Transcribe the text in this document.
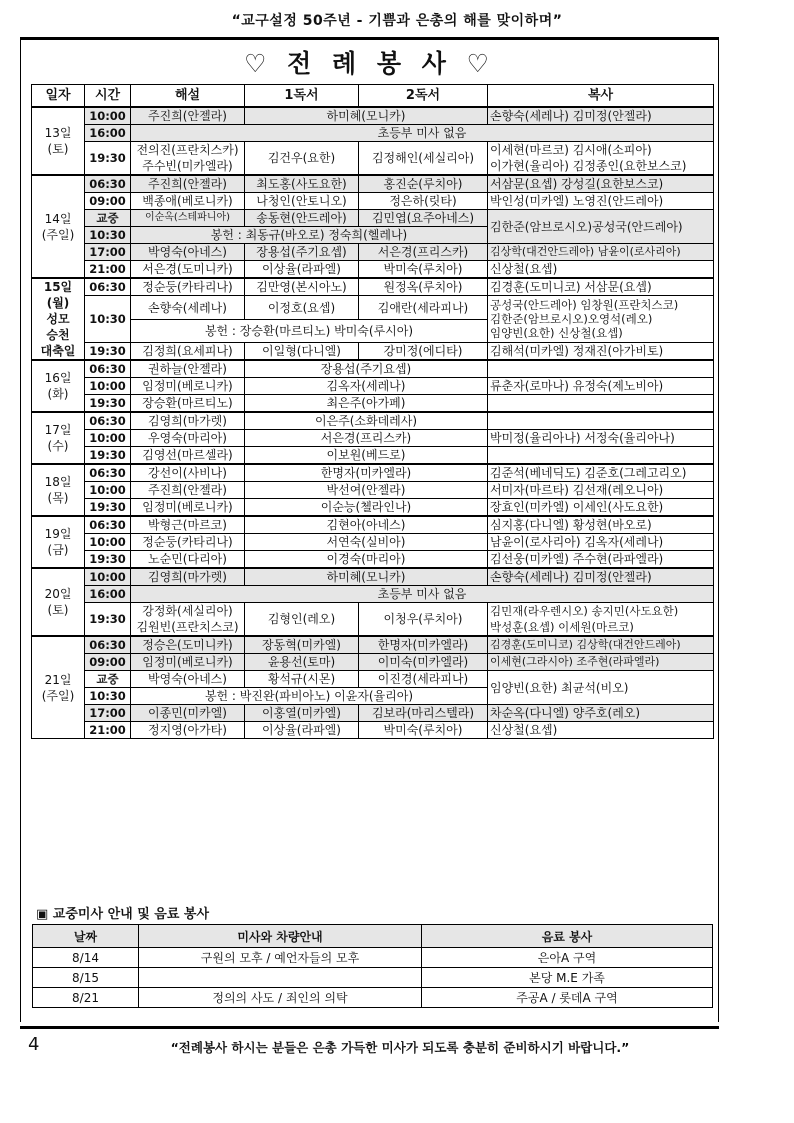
“교구설정 50주년 - 기쁨과 은총의 해를 맞이하며”
♡ 전 례 봉 사 ♡
일자	시간	해설	1독서	2독서	복사
13일
(토)	10:00	주진희(안젤라)	하미혜(모니카)		손향숙(세레나) 김미정(안젤라)
	16:00	초등부 미사 없음			
	19:30	전의진(프란치스카)
주수빈(미카엘라)	김건우(요한)	김정해인(세실리아)	이세현(마르코) 김시애(소피아)
이가현(율리아) 김정종인(요한보스코)
14일
(주일)	06:30	주진희(안젤라)	최도홍(사도요한)	홍진순(루치아)	서삼문(요셉) 강성길(요한보스코)
	09:00	백종애(베로니카)	나청인(안토니오)	정은하(릿타)	박인성(미카엘) 노영진(안드레아)
	교중	이순옥(스테파니아)	송동현(안드레아)	김민엽(요주아네스)	김한준(암브로시오)공성국(안드레아)
	10:30	봉헌 : 최동규(바오로) 정숙희(헬레나)			
	17:00	박영숙(아네스)	장용섭(주기요셉)	서은경(프리스카)	김상학(대건안드레아) 남윤이(로사리아)
	21:00	서은경(도미니카)	이상율(라파엘)	박미숙(루치아)	신상철(요셉)
15일
(월)
성모
승천
대축일	06:30	정순둥(카타리나)	김만영(본시아노)	원정옥(루치아)	김경훈(도미니코) 서삼문(요셉)
	10:30	손향숙(세레나)	이정호(요셉)	김애란(세라피나)	공성국(안드레아) 임창원(프란치스코)
김한준(암브로시오)오영석(레오)
임양빈(요한) 신상철(요셉)
		봉헌 : 장승환(마르티노) 박미숙(루시아)			
	19:30	김정희(요세피나)	이일형(다니엘)	강미정(에디타)	김해석(미카엘) 정재진(아가비토)
16일
(화)	06:30	권하늘(안젤라)	장용섭(주기요셉)		
	10:00	임정미(베로니카)	김옥자(세레나)		류춘자(로마나) 유정숙(제노비아)
	19:30	장승환(마르티노)	최은주(아가페)		
17일
(수)	06:30	김영희(마가렛)	이은주(소화데레사)		
	10:00	우영숙(마리아)	서은경(프리스카)		박미정(율리아나) 서정숙(율리아나)
	19:30	김영선(마르셀라)	이보원(베드로)		
18일
(목)	06:30	강선이(사비나)	한명자(미카엘라)		김준석(베네딕도) 김준호(그레고리오)
	10:00	주진희(안젤라)	박선여(안젤라)		서미자(마르타) 김선재(레오니아)
	19:30	임정미(베로니카)	이순능(첼라인나)		장효인(미카엘) 이세인(사도요한)
19일
(금)	06:30	박형근(마르코)	김현아(아네스)		심지홍(다니엘) 황성현(바오로)
	10:00	정순둥(카타리나)	서연숙(실비아)		남윤이(로사리아) 김옥자(세레나)
	19:30	노순민(다리아)	이경숙(마리아)		김선웅(미카엘) 주수현(라파엘라)
20일
(토)	10:00	김영희(마가렛)	하미혜(모니카)		손향숙(세레나) 김미정(안젤라)
	16:00	초등부 미사 없음			
	19:30	강정화(세실리아)
김원빈(프란치스코)	김형인(레오)	이청우(루치아)	김민재(라우렌시오) 송지민(사도요한)
박성훈(요셉) 이세원(마르코)
21일
(주일)	06:30	정승은(도미니카)	장동혁(미카엘)	한명자(미카엘라)	김경훈(도미니코) 김상학(대건안드레아)
	09:00	임정미(베로니카)	윤용선(토마)	이미숙(미카엘라)	이세현(그라시아) 조주현(라파엘라)
	교중	박영숙(아네스)	황석규(시몬)	이진경(세라피나)	임양빈(요한) 최균석(비오)
	10:30	봉헌 : 박진완(파비아노) 이윤자(율리아)			
	17:00	이종민(미카엘)	이홍열(미카엘)	김보라(마리스텔라)	차순옥(다니엘) 양주호(레오)
	21:00	정지영(아가타)	이상율(라파엘)	박미숙(루치아)	신상철(요셉)
▣ 교중미사 안내 및 음료 봉사
날짜	미사와 차량안내	음료 봉사
8/14	구원의 모후 / 예언자들의 모후	은아A 구역
8/15		본당 M.E 가족
8/21	정의의 사도 / 죄인의 의탁	주공A / 롯데A 구역
4	“전례봉사 하시는 분들은 은총 가득한 미사가 되도록 충분히 준비하시기 바랍니다.”
